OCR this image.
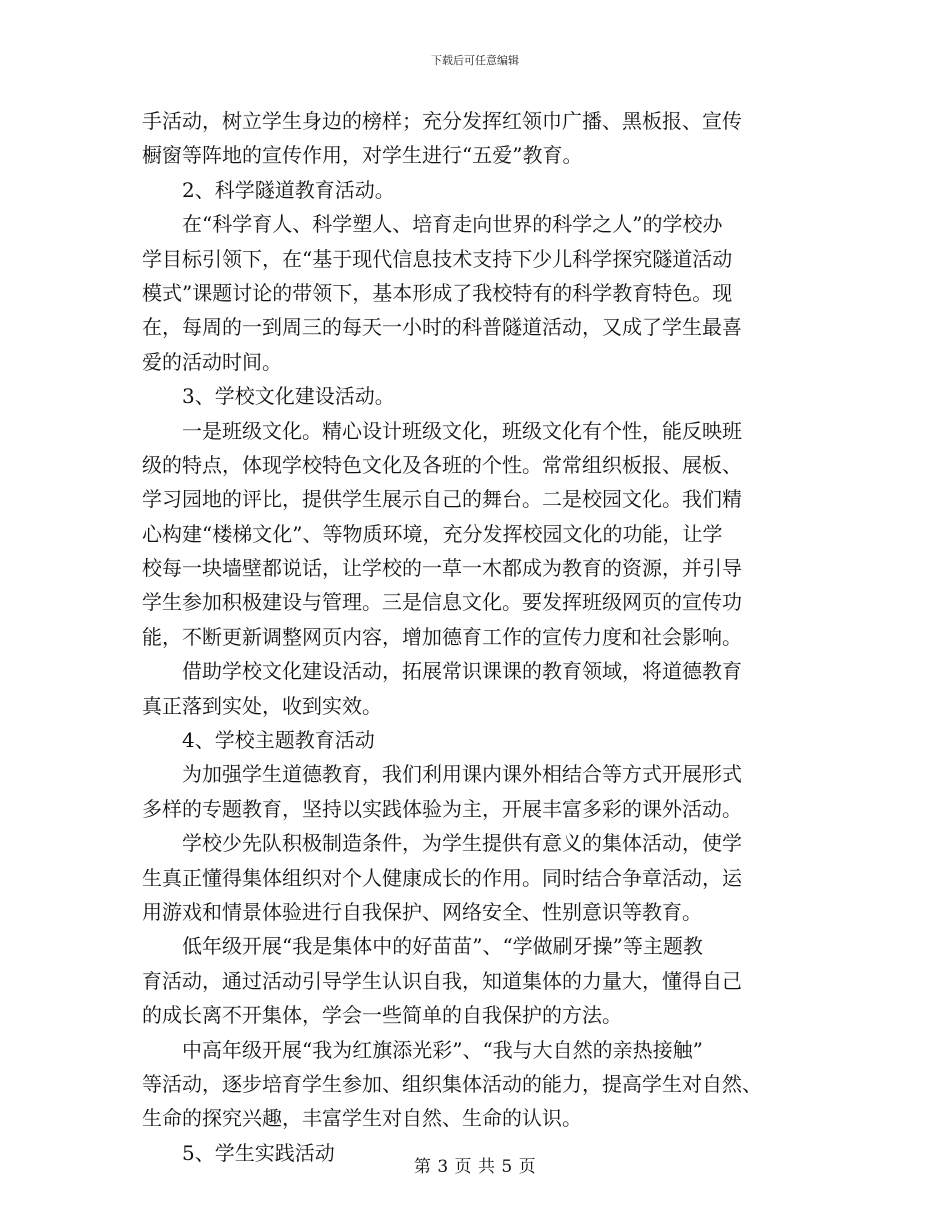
下载后可任意编辑
手活动，树立学生身边的榜样；充分发挥红领巾广播、黑板报、宣传
橱窗等阵地的宣传作用，对学生进行“五爱”教育。
　　2、科学隧道教育活动。
　　在“科学育人、科学塑人、培育走向世界的科学之人”的学校办
学目标引领下，在“基于现代信息技术支持下少儿科学探究隧道活动
模式”课题讨论的带领下，基本形成了我校特有的科学教育特色。现
在，每周的一到周三的每天一小时的科普隧道活动，又成了学生最喜
爱的活动时间。
　　3、学校文化建设活动。
　　一是班级文化。精心设计班级文化，班级文化有个性，能反映班
级的特点，体现学校特色文化及各班的个性。常常组织板报、展板、
学习园地的评比，提供学生展示自己的舞台。二是校园文化。我们精
心构建“楼梯文化”、等物质环境，充分发挥校园文化的功能，让学
校每一块墙壁都说话，让学校的一草一木都成为教育的资源，并引导
学生参加积极建设与管理。三是信息文化。要发挥班级网页的宣传功
能，不断更新调整网页内容，增加德育工作的宣传力度和社会影响。
　　借助学校文化建设活动，拓展常识课课的教育领域，将道德教育
真正落到实处，收到实效。
　　4、学校主题教育活动
　　为加强学生道德教育，我们利用课内课外相结合等方式开展形式
多样的专题教育，坚持以实践体验为主，开展丰富多彩的课外活动。
　　学校少先队积极制造条件，为学生提供有意义的集体活动，使学
生真正懂得集体组织对个人健康成长的作用。同时结合争章活动，运
用游戏和情景体验进行自我保护、网络安全、性别意识等教育。
　　低年级开展“我是集体中的好苗苗”、“学做刷牙操”等主题教
育活动，通过活动引导学生认识自我，知道集体的力量大，懂得自己
的成长离不开集体，学会一些简单的自我保护的方法。
　　中高年级开展“我为红旗添光彩”、“我与大自然的亲热接触”
等活动，逐步培育学生参加、组织集体活动的能力，提高学生对自然、
生命的探究兴趣，丰富学生对自然、生命的认识。
　　5、学生实践活动
第 3 页 共 5 页
